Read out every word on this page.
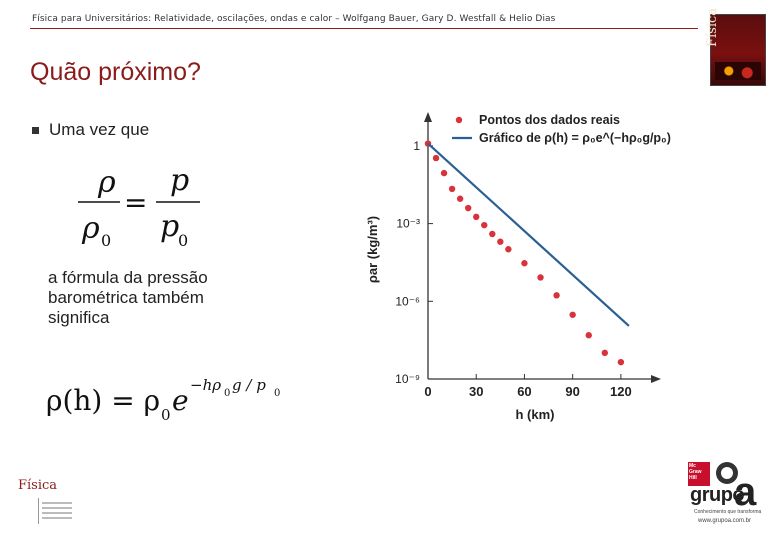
Física para Universitários: Relatividade, oscilações, ondas e calor – Wolfgang Bauer, Gary D. Westfall & Helio Dias	Física
Quão próximo?
Uma vez que
ρ
ρ 0
=
p
p
0
a fórmula da pressão
barométrica também
significa
ρ(h) = ρ 0 e −hρ 0 g / p 0
1
10⁻³
10⁻⁶
10⁻⁹
0	30	60	90 120
h (km)
ρar (kg/m³)
Pontos dos dados reais
Gráfico de ρ(h) = ρ₀e^(−hρ₀g/p₀)
Física
Mc Graw Hill
grupo
a
Conhecimento que transforma
www.grupoa.com.br
